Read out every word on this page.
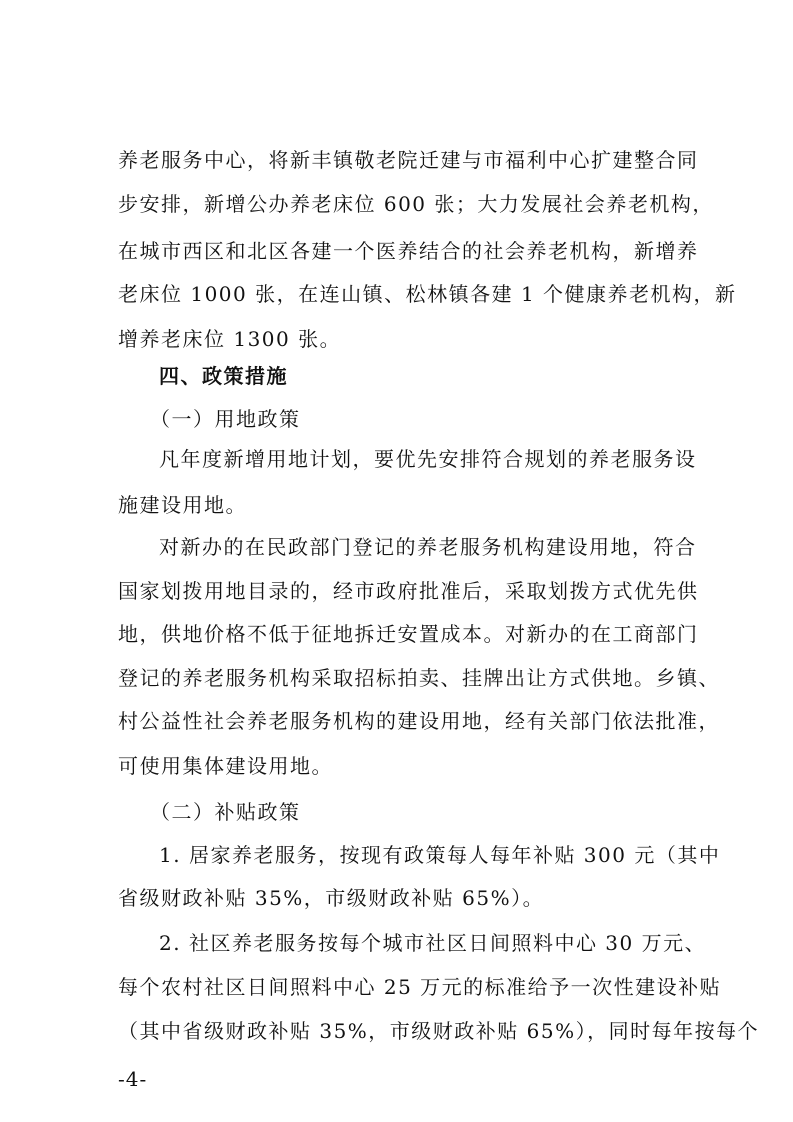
养老服务中心，将新丰镇敬老院迁建与市福利中心扩建整合同
步安排，新增公办养老床位 600 张；大力发展社会养老机构，
在城市西区和北区各建一个医养结合的社会养老机构，新增养
老床位 1000 张，在连山镇、松林镇各建 1 个健康养老机构，新
增养老床位 1300 张。
四、政策措施
（一）用地政策
凡年度新增用地计划，要优先安排符合规划的养老服务设
施建设用地。
对新办的在民政部门登记的养老服务机构建设用地，符合
国家划拨用地目录的，经市政府批准后，采取划拨方式优先供
地，供地价格不低于征地拆迁安置成本。对新办的在工商部门
登记的养老服务机构采取招标拍卖、挂牌出让方式供地。乡镇、
村公益性社会养老服务机构的建设用地，经有关部门依法批准，
可使用集体建设用地。
（二）补贴政策
1. 居家养老服务，按现有政策每人每年补贴 300 元（其中
省级财政补贴 35%，市级财政补贴 65%）。
2. 社区养老服务按每个城市社区日间照料中心 30 万元、
每个农村社区日间照料中心 25 万元的标准给予一次性建设补贴
（其中省级财政补贴 35%，市级财政补贴 65%），同时每年按每个
-4-
